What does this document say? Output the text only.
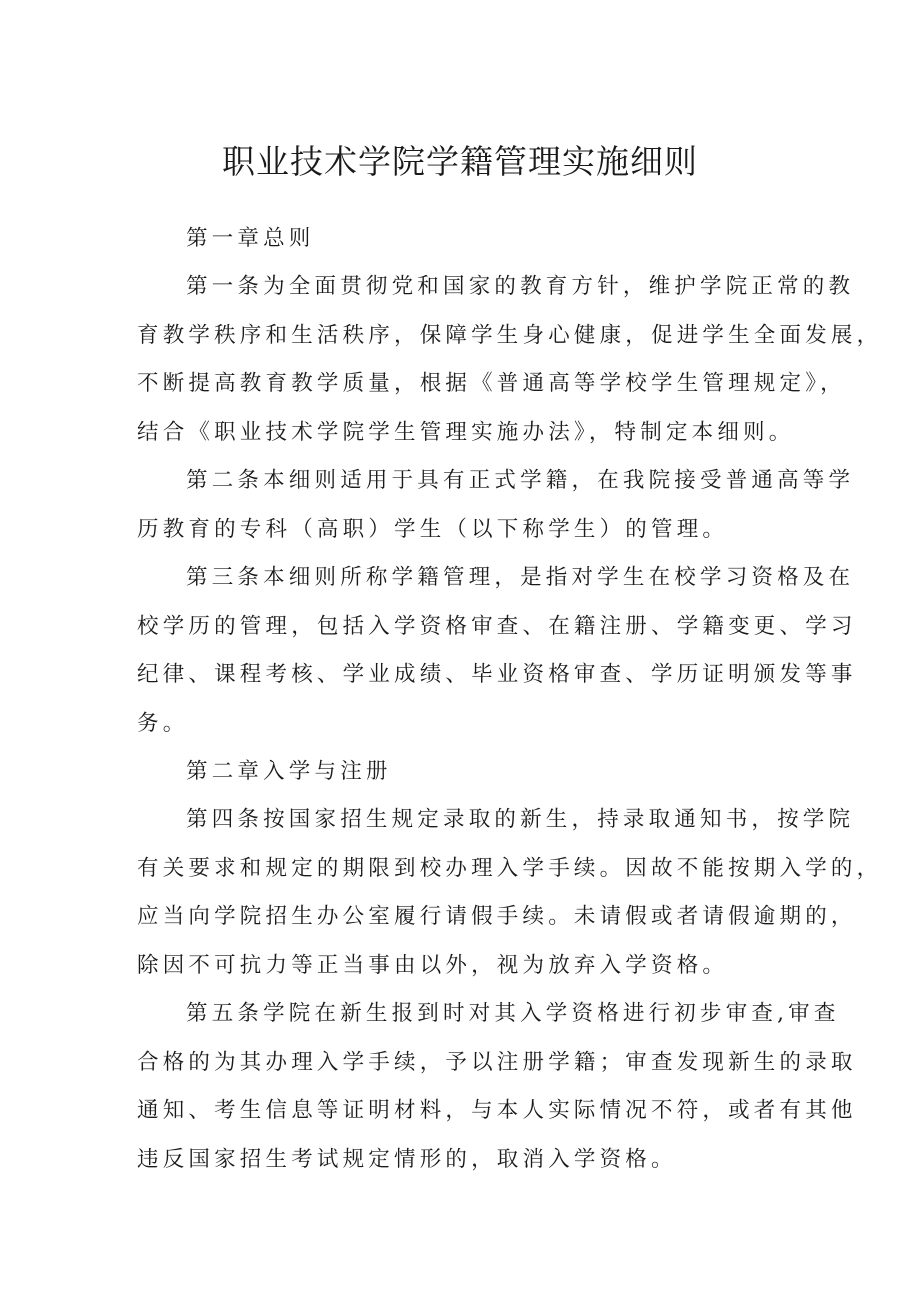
职业技术学院学籍管理实施细则
第一章总则
第一条为全面贯彻党和国家的教育方针，维护学院正常的教
育教学秩序和生活秩序，保障学生身心健康，促进学生全面发展，
不断提高教育教学质量，根据《普通高等学校学生管理规定》，
结合《职业技术学院学生管理实施办法》，特制定本细则。
第二条本细则适用于具有正式学籍，在我院接受普通高等学
历教育的专科（高职）学生（以下称学生）的管理。
第三条本细则所称学籍管理，是指对学生在校学习资格及在
校学历的管理，包括入学资格审查、在籍注册、学籍变更、学习
纪律、课程考核、学业成绩、毕业资格审查、学历证明颁发等事
务。
第二章入学与注册
第四条按国家招生规定录取的新生，持录取通知书，按学院
有关要求和规定的期限到校办理入学手续。因故不能按期入学的，
应当向学院招生办公室履行请假手续。未请假或者请假逾期的，
除因不可抗力等正当事由以外，视为放弃入学资格。
第五条学院在新生报到时对其入学资格进行初步审查,审查
合格的为其办理入学手续，予以注册学籍；审查发现新生的录取
通知、考生信息等证明材料，与本人实际情况不符，或者有其他
违反国家招生考试规定情形的，取消入学资格。
